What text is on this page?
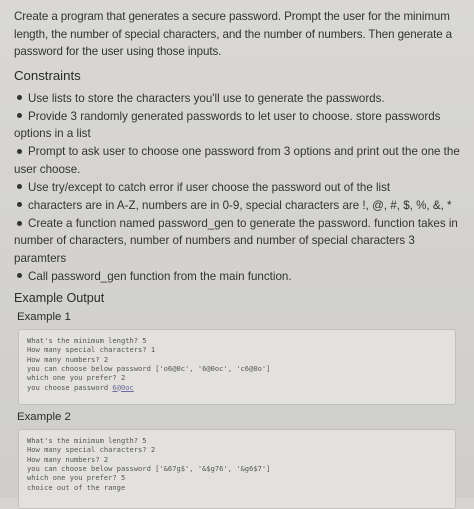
Create a program that generates a secure password. Prompt the user for the minimum length, the number of special characters, and the number of numbers. Then generate a password for the user using those inputs.

Constraints
Use lists to store the characters you'll use to generate the passwords.
Provide 3 randomly generated passwords to let user to choose. store passwords options in a list
Prompt to ask user to choose one password from 3 options and print out the one the user choose.
Use try/except to catch error if user choose the password out of the list
characters are in A-Z, numbers are in 0-9, special characters are !, @, #, $, %, &, *
Create a function named password_gen to generate the password. function takes in number of characters, number of numbers and number of special characters 3 paramters
Call password_gen function from the main function.
Example Output
Example 1
What's the minimum length? 5
How many special characters? 1
How many numbers? 2
you can choose below password ['o6@0c', '6@0oc', 'c6@0o']
which one you prefer? 2
you choose password 6@0oc
Example 2
What's the minimum length? 5
How many special characters? 2
How many numbers? 2
you can choose below password ['&67g$', '&$g76', '&g6$7']
which one you prefer? 5
choice out of the range
